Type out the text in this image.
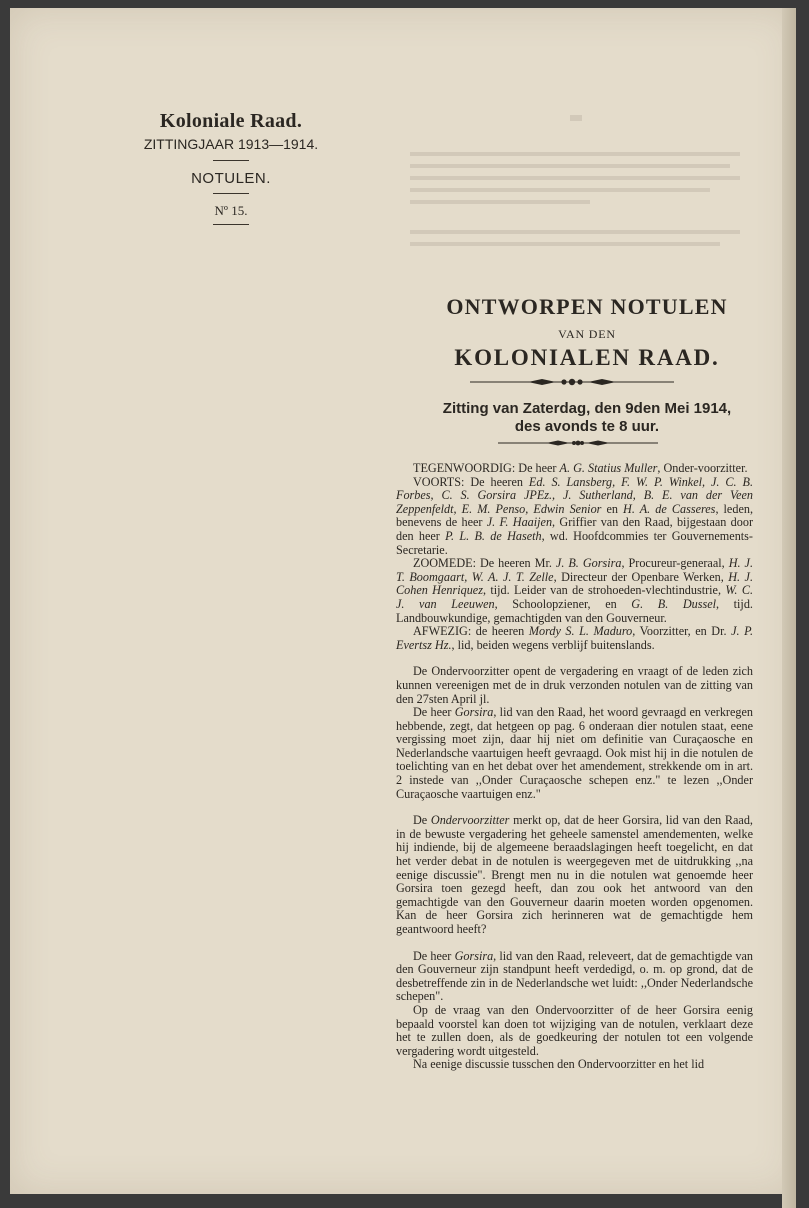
Koloniale Raad.
ZITTINGJAAR 1913—1914.
NOTULEN.
Nº 15.
ONTWORPEN NOTULEN
VAN DEN
KOLONIALEN RAAD.
Zitting van Zaterdag, den 9den Mei 1914,
des avonds te 8 uur.

TEGENWOORDIG: De heer A. G. Statius Muller, Onder-voorzitter.

VOORTS: De heeren Ed. S. Lansberg, F. W. P. Winkel, J. C. B. Forbes, C. S. Gorsira JPEz., J. Sutherland, B. E. van der Veen Zeppenfeldt, E. M. Penso, Edwin Senior en H. A. de Casseres, leden, benevens de heer J. F. Haaijen, Griffier van den Raad, bijgestaan door den heer P. L. B. de Haseth, wd. Hoofdcommies ter Gouvernements-Secretarie.

ZOOMEDE: De heeren Mr. J. B. Gorsira, Procureur-generaal, H. J. T. Boomgaart, W. A. J. T. Zelle, Directeur der Openbare Werken, H. J. Cohen Henriquez, tijd. Leider van de strohoeden-vlechtindustrie, W. C. J. van Leeuwen, Schoolopziener, en G. B. Dussel, tijd. Landbouwkundige, gemachtigden van den Gouverneur.

AFWEZIG: de heeren Mordy S. L. Maduro, Voorzitter, en Dr. J. P. Evertsz Hz., lid, beiden wegens verblijf buitenslands.

De Ondervoorzitter opent de vergadering en vraagt of de leden zich kunnen vereenigen met de in druk verzonden notulen van de zitting van den 27sten April jl.

De heer Gorsira, lid van den Raad, het woord gevraagd en verkregen hebbende, zegt, dat hetgeen op pag. 6 onderaan dier notulen staat, eene vergissing moet zijn, daar hij niet om definitie van Curaçaosche en Nederlandsche vaartuigen heeft gevraagd. Ook mist hij in die notulen de toelichting van en het debat over het amendement, strekkende om in art. 2 instede van ,,Onder Curaçaosche schepen enz." te lezen ,,Onder Curaçaosche vaartuigen enz."

De Ondervoorzitter merkt op, dat de heer Gorsira, lid van den Raad, in de bewuste vergadering het geheele samenstel amendementen, welke hij indiende, bij de algemeene beraadslagingen heeft toegelicht, en dat het verder debat in de notulen is weergegeven met de uitdrukking ,,na eenige discussie". Brengt men nu in die notulen wat genoemde heer Gorsira toen gezegd heeft, dan zou ook het antwoord van den gemachtigde van den Gouverneur daarin moeten worden opgenomen. Kan de heer Gorsira zich herinneren wat de gemachtigde hem geantwoord heeft?

De heer Gorsira, lid van den Raad, releveert, dat de gemachtigde van den Gouverneur zijn standpunt heeft verdedigd, o. m. op grond, dat de desbetreffende zin in de Nederlandsche wet luidt: ,,Onder Nederlandsche schepen".

Op de vraag van den Ondervoorzitter of de heer Gorsira eenig bepaald voorstel kan doen tot wijziging van de notulen, verklaart deze het te zullen doen, als de goedkeuring der notulen tot een volgende vergadering wordt uitgesteld.

Na eenige discussie tusschen den Ondervoorzitter en het lid
